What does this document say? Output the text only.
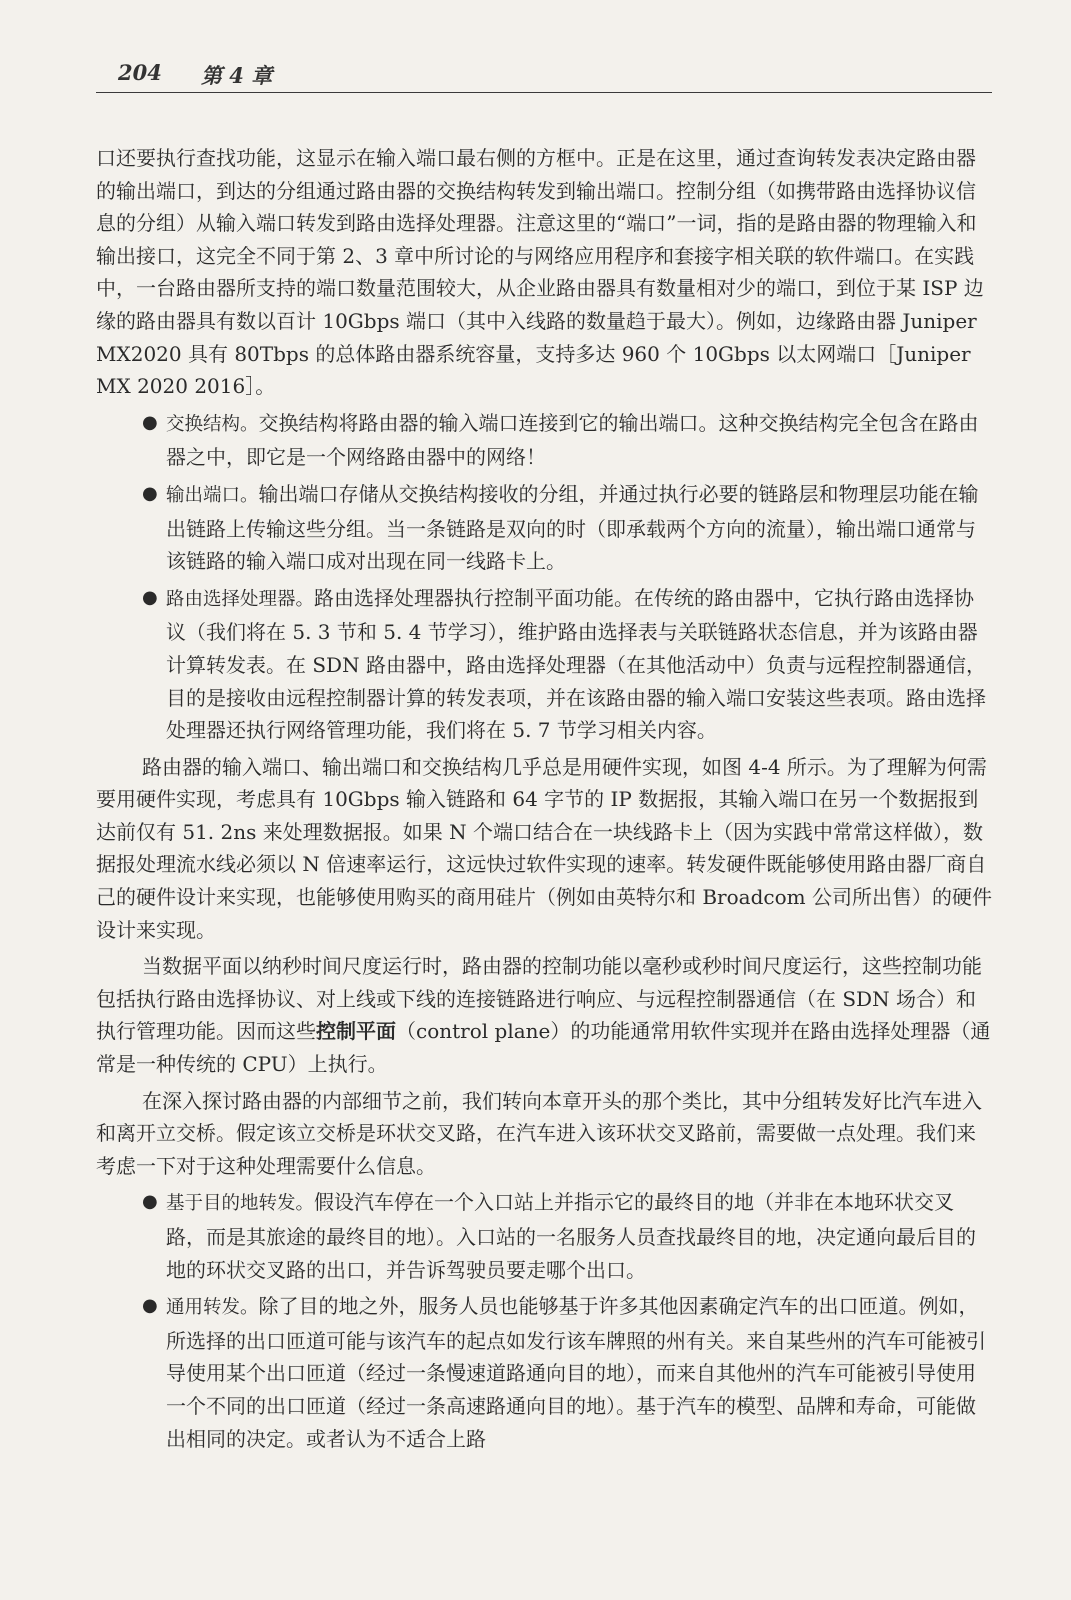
204 第 4 章

口还要执行查找功能，这显示在输入端口最右侧的方框中。正是在这里，通过查询转发表决定路由器的输出端口，到达的分组通过路由器的交换结构转发到输出端口。控制分组（如携带路由选择协议信息的分组）从输入端口转发到路由选择处理器。注意这里的“端口”一词，指的是路由器的物理输入和输出接口，这完全不同于第 2、3 章中所讨论的与网络应用程序和套接字相关联的软件端口。在实践中，一台路由器所支持的端口数量范围较大，从企业路由器具有数量相对少的端口，到位于某 ISP 边缘的路由器具有数以百计 10Gbps 端口（其中入线路的数量趋于最大）。例如，边缘路由器 Juniper MX2020 具有 80Tbps 的总体路由器系统容量，支持多达 960 个 10Gbps 以太网端口［Juniper MX 2020 2016］。

● 交换结构。交换结构将路由器的输入端口连接到它的输出端口。这种交换结构完全包含在路由器之中，即它是一个网络路由器中的网络！
● 输出端口。输出端口存储从交换结构接收的分组，并通过执行必要的链路层和物理层功能在输出链路上传输这些分组。当一条链路是双向的时（即承载两个方向的流量），输出端口通常与该链路的输入端口成对出现在同一线路卡上。
● 路由选择处理器。路由选择处理器执行控制平面功能。在传统的路由器中，它执行路由选择协议（我们将在 5. 3 节和 5. 4 节学习），维护路由选择表与关联链路状态信息，并为该路由器计算转发表。在 SDN 路由器中，路由选择处理器（在其他活动中）负责与远程控制器通信，目的是接收由远程控制器计算的转发表项，并在该路由器的输入端口安装这些表项。路由选择处理器还执行网络管理功能，我们将在 5. 7 节学习相关内容。

路由器的输入端口、输出端口和交换结构几乎总是用硬件实现，如图 4-4 所示。为了理解为何需要用硬件实现，考虑具有 10Gbps 输入链路和 64 字节的 IP 数据报，其输入端口在另一个数据报到达前仅有 51. 2ns 来处理数据报。如果 N 个端口结合在一块线路卡上（因为实践中常常这样做），数据报处理流水线必须以 N 倍速率运行，这远快过软件实现的速率。转发硬件既能够使用路由器厂商自己的硬件设计来实现，也能够使用购买的商用硅片（例如由英特尔和 Broadcom 公司所出售）的硬件设计来实现。

当数据平面以纳秒时间尺度运行时，路由器的控制功能以毫秒或秒时间尺度运行，这些控制功能包括执行路由选择协议、对上线或下线的连接链路进行响应、与远程控制器通信（在 SDN 场合）和执行管理功能。因而这些控制平面（control plane）的功能通常用软件实现并在路由选择处理器（通常是一种传统的 CPU）上执行。

在深入探讨路由器的内部细节之前，我们转向本章开头的那个类比，其中分组转发好比汽车进入和离开立交桥。假定该立交桥是环状交叉路，在汽车进入该环状交叉路前，需要做一点处理。我们来考虑一下对于这种处理需要什么信息。

● 基于目的地转发。假设汽车停在一个入口站上并指示它的最终目的地（并非在本地环状交叉路，而是其旅途的最终目的地）。入口站的一名服务人员查找最终目的地，决定通向最后目的地的环状交叉路的出口，并告诉驾驶员要走哪个出口。
● 通用转发。除了目的地之外，服务人员也能够基于许多其他因素确定汽车的出口匝道。例如，所选择的出口匝道可能与该汽车的起点如发行该车牌照的州有关。来自某些州的汽车可能被引导使用某个出口匝道（经过一条慢速道路通向目的地），而来自其他州的汽车可能被引导使用一个不同的出口匝道（经过一条高速路通向目的地）。基于汽车的模型、品牌和寿命，可能做出相同的决定。或者认为不适合上路
